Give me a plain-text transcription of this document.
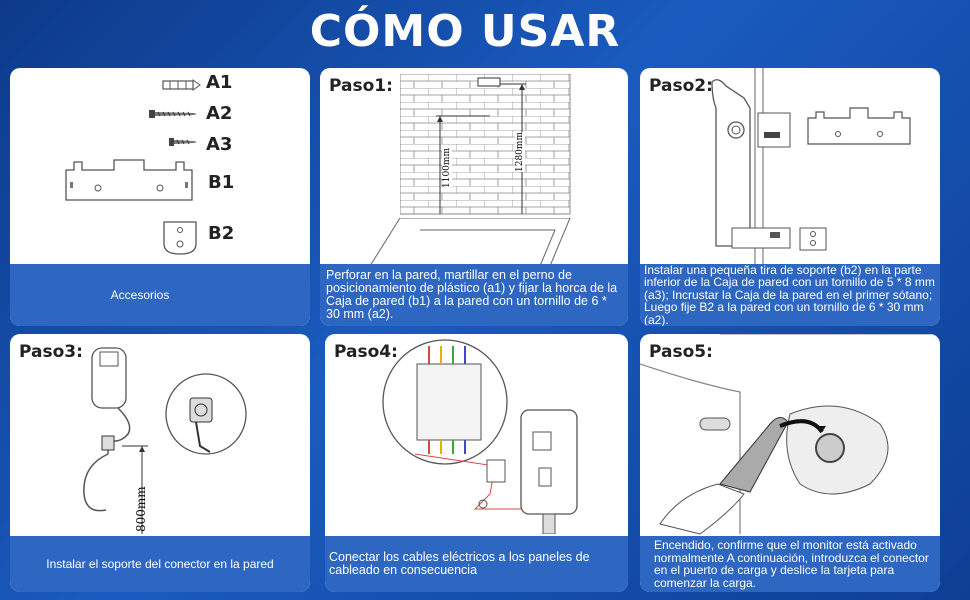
CÓMO USAR
A1
A2
A3
B1
B2
Accesorios
Paso1:
1100mm	1280mm
Perforar en la pared, martillar en el perno de posicionamiento de plástico (a1) y fijar la horca de la Caja de pared (b1) a la pared con un tornillo de 6 * 30 mm (a2).
Paso2:
Instalar una pequeña tira de soporte (b2) en la parte inferior de la Caja de pared con un tornillo de 5 * 8 mm (a3); Incrustar la Caja de la pared en el primer sótano; Luego fije B2 a la pared con un tornillo de 6 * 30 mm (a2).
Paso3:
800mm
Instalar el soporte del conector en la pared
Paso4:
Conectar los cables eléctricos a los paneles de cableado en consecuencia
Paso5:
Encendido, confirme que el monitor está activado normalmente A continuación, introduzca el conector en el puerto de carga y deslice la tarjeta para comenzar la carga.
